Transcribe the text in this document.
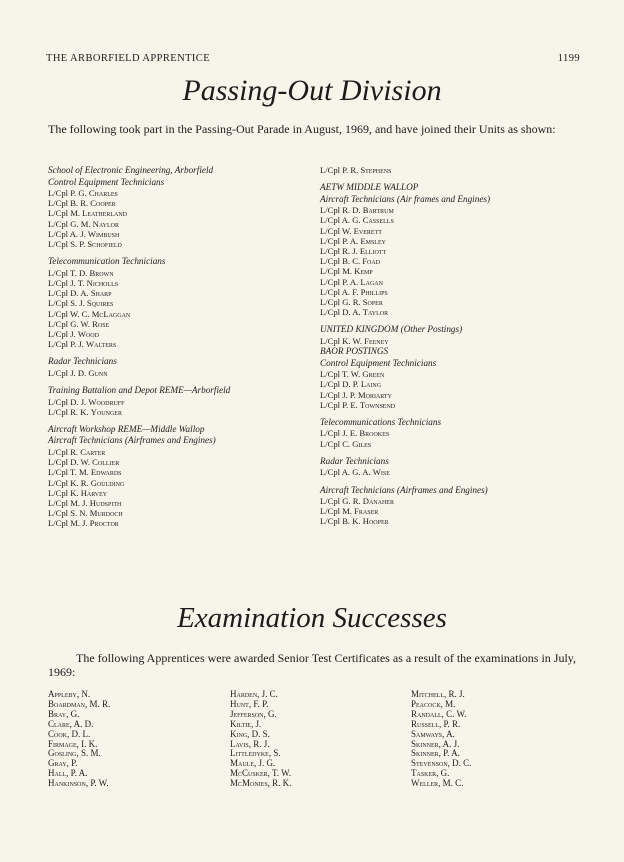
THE ARBORFIELD APPRENTICE	1199
Passing-Out Division
The following took part in the Passing-Out Parade in August, 1969, and have joined their Units as shown:
School of Electronic Engineering, Arborfield
Control Equipment Technicians
L/Cpl P. G. Charles
L/Cpl B. R. Cooper
L/Cpl M. Leatherland
L/Cpl G. M. Naylor
L/Cpl A. J. Wimbush
L/Cpl S. P. Schofield
Telecommunication Technicians
L/Cpl T. D. Brown
L/Cpl J. T. Nicholls
L/Cpl D. A. Sharp
L/Cpl S. J. Squires
L/Cpl W. C. McLaggan
L/Cpl G. W. Rose
L/Cpl J. Wood
L/Cpl P. J. Walters
Radar Technicians
L/Cpl J. D. Gunn
Training Battalion and Depot REME—Arborfield
L/Cpl D. J. Woodruff
L/Cpl R. K. Younger
Aircraft Workshop REME—Middle Wallop
Aircraft Technicians (Airframes and Engines)
L/Cpl R. Carter
L/Cpl D. W. Collier
L/Cpl T. M. Edwards
L/Cpl K. R. Goulding
L/Cpl K. Harvey
L/Cpl M. J. Hudspith
L/Cpl S. N. Murdoch
L/Cpl M. J. Proctor
L/Cpl P. R. Stephens
AETW MIDDLE WALLOP
Aircraft Technicians (Air frames and Engines)
L/Cpl R. D. Bartrum
L/Cpl A. G. Cassells
L/Cpl W. Everett
L/Cpl P. A. Emsley
L/Cpl R. J. Elliott
L/Cpl B. C. Foad
L/Cpl M. Kemp
L/Cpl P. A. Lagan
L/Cpl A. F. Phillips
L/Cpl G. R. Soper
L/Cpl D. A. Taylor
UNITED KINGDOM (Other Postings)
L/Cpl K. W. Feeney
BAOR POSTINGS
Control Equipment Technicians
L/Cpl T. W. Green
L/Cpl D. P. Laing
L/Cpl J. P. Moriarty
L/Cpl P. E. Townsend
Telecommunications Technicians
L/Cpl J. E. Brookes
L/Cpl C. Giles
Radar Technicians
L/Cpl A. G. A. Wise
Aircraft Technicians (Airframes and Engines)
L/Cpl G. R. Danaher
L/Cpl M. Fraser
L/Cpl B. K. Hooper
Examination Successes
The following Apprentices were awarded Senior Test Certificates as a result of the examinations in July, 1969:
Appleby, N.
Boardman, M. R.
Bray, G.
Clare, A. D.
Cook, D. L.
Firmage, I. K.
Gosling, S. M.
Gray, P.
Hall, P. A.
Hankinson, P. W.
Harden, J. C.
Hunt, F. P.
Jefferson, G.
Kiltie, J.
King, D. S.
Lavis, R. J.
Littledyke, S.
Maule, J. G.
McCusker, T. W.
McMonies, R. K.
Mitchell, R. J.
Peacock, M.
Randall, C. W.
Russell, P. R.
Samways, A.
Skinner, A. J.
Skinner, P. A.
Stevenson, D. C.
Tasker, G.
Weller, M. C.
